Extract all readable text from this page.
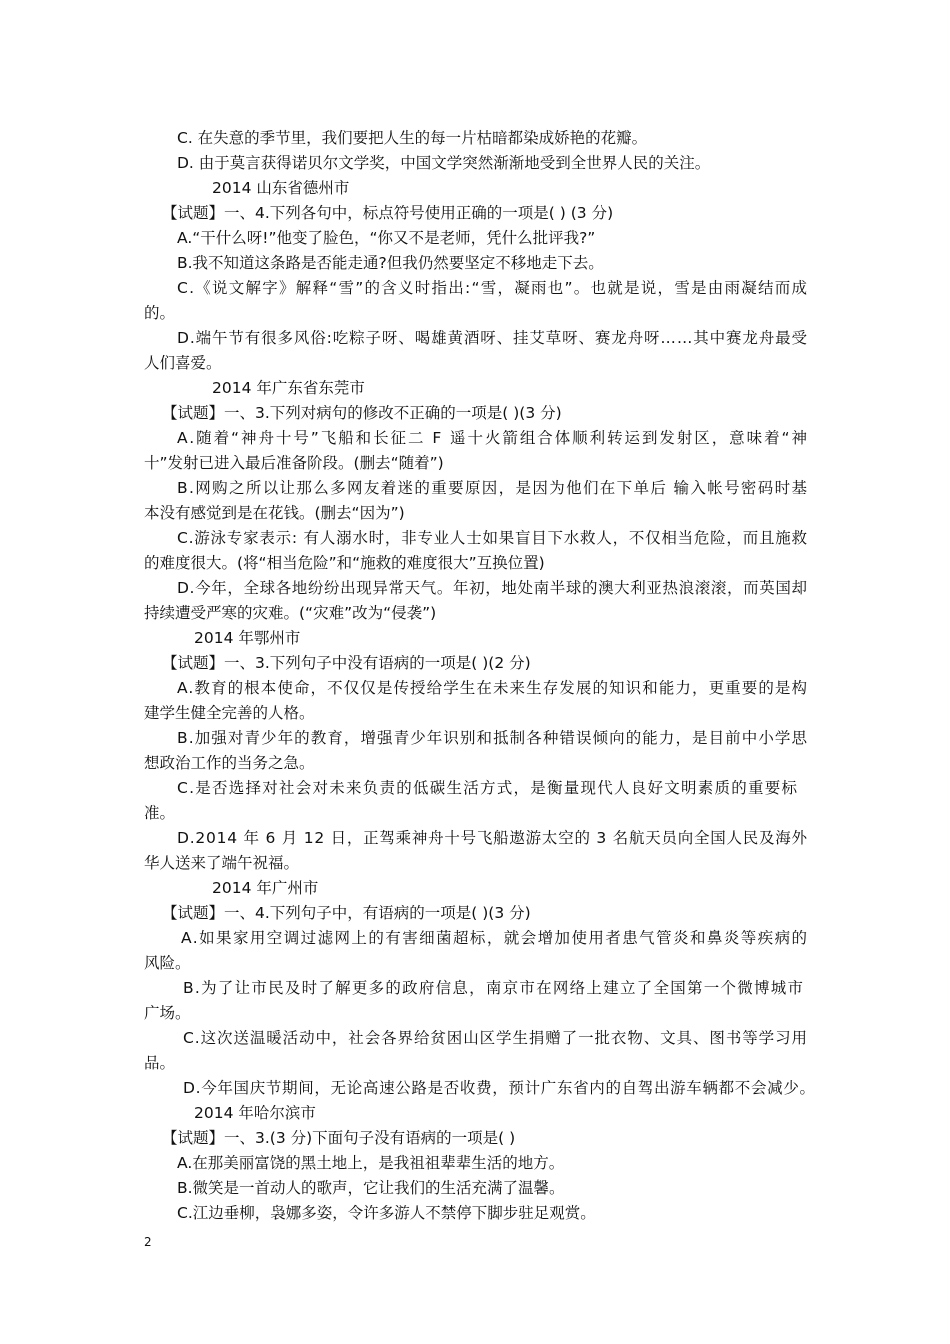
C. 在失意的季节里，我们要把人生的每一片枯暗都染成娇艳的花瓣。
D. 由于莫言获得诺贝尔文学奖，中国文学突然渐渐地受到全世界人民的关注。
2014 山东省德州市
【试题】一、4.下列各句中，标点符号使用正确的一项是( ) (3 分)
A.“干什么呀!”他变了脸色，“你又不是老师，凭什么批评我?”
B.我不知道这条路是否能走通?但我仍然要坚定不移地走下去。
C.《说文解字》解释“雪”的含义时指出:“雪，凝雨也”。也就是说，雪是由雨凝结而成
的。
D.端午节有很多风俗:吃粽子呀、喝雄黄酒呀、挂艾草呀、赛龙舟呀……其中赛龙舟最受
人们喜爱。
2014 年广东省东莞市
【试题】一、3.下列对病句的修改不正确的一项是( )(3 分)
A.随着“神舟十号”飞船和长征二 F 遥十火箭组合体顺利转运到发射区，意味着“神
十”发射已进入最后准备阶段。(删去“随着”)
B.网购之所以让那么多网友着迷的重要原因，是因为他们在下单后 输入帐号密码时基
本没有感觉到是在花钱。(删去“因为”)
C.游泳专家表示: 有人溺水时，非专业人士如果盲目下水救人，不仅相当危险，而且施救
的难度很大。(将“相当危险”和“施救的难度很大”互换位置)
D.今年，全球各地纷纷出现异常天气。年初，地处南半球的澳大利亚热浪滚滚，而英国却
持续遭受严寒的灾难。(“灾难”改为“侵袭”)
2014 年鄂州市
【试题】一、3.下列句子中没有语病的一项是( )(2 分)
A.教育的根本使命，不仅仅是传授给学生在未来生存发展的知识和能力，更重要的是构
建学生健全完善的人格。
B.加强对青少年的教育，增强青少年识别和抵制各种错误倾向的能力，是目前中小学思
想政治工作的当务之急。
C.是否选择对社会对未来负责的低碳生活方式，是衡量现代人良好文明素质的重要标
准。
D.2014 年 6 月 12 日，正驾乘神舟十号飞船遨游太空的 3 名航天员向全国人民及海外
华人送来了端午祝福。
2014 年广州市
【试题】一、4.下列句子中，有语病的一项是( )(3 分)
A.如果家用空调过滤网上的有害细菌超标，就会增加使用者患气管炎和鼻炎等疾病的
风险。
B.为了让市民及时了解更多的政府信息，南京市在网络上建立了全国第一个微博城市
广场。
C.这次送温暖活动中，社会各界给贫困山区学生捐赠了一批衣物、文具、图书等学习用
品。
D.今年国庆节期间，无论高速公路是否收费，预计广东省内的自驾出游车辆都不会减少。
2014 年哈尔滨市
【试题】一、3.(3 分)下面句子没有语病的一项是( )
A.在那美丽富饶的黑土地上，是我祖祖辈辈生活的地方。
B.微笑是一首动人的歌声，它让我们的生活充满了温馨。
C.江边垂柳，袅娜多姿，令许多游人不禁停下脚步驻足观赏。
2
